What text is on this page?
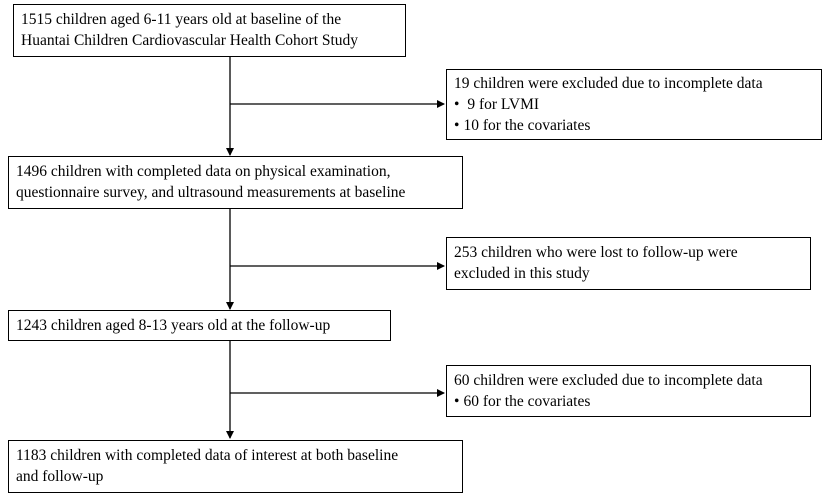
1515 children aged 6-11 years old at baseline of the
Huantai Children Cardiovascular Health Cohort Study
19 children were excluded due to incomplete data
• 9 for LVMI
• 10 for the covariates
1496 children with completed data on physical examination,
questionnaire survey, and ultrasound measurements at baseline
253 children who were lost to follow-up were
excluded in this study
1243 children aged 8-13 years old at the follow-up
60 children were excluded due to incomplete data
• 60 for the covariates
1183 children with completed data of interest at both baseline
and follow-up
